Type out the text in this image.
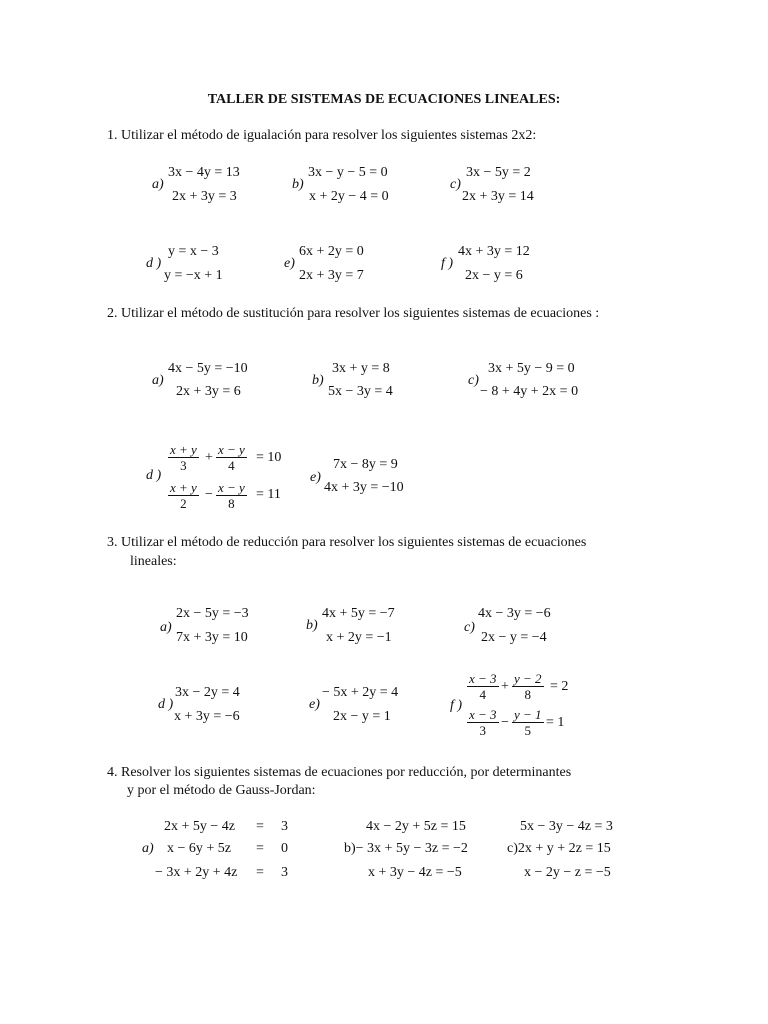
TALLER DE SISTEMAS DE ECUACIONES LINEALES:
1. Utilizar el método de igualación para resolver los siguientes sistemas 2x2:
a)
3x − 4y = 13
2x + 3y = 3
b)
3x − y − 5 = 0
x + 2y − 4 = 0
c)
3x − 5y = 2
2x + 3y = 14
d )
y = x − 3
y = −x + 1
e)
6x + 2y = 0
2x + 3y = 7
f )
4x + 3y = 12
2x − y = 6
2. Utilizar el método de sustitución para resolver los siguientes sistemas de ecuaciones :
a)
4x − 5y = −10
2x + 3y = 6
b)
3x + y = 8
5x − 3y = 4
c)
3x + 5y − 9 = 0
− 8 + 4y + 2x = 0
d )
$\frac{x + y}{3} + \frac{x - y}{4} = 10$
$\frac{x + y}{2} - \frac{x - y}{8} = 11$
e)
7x − 8y = 9
4x + 3y = −10
3. Utilizar el método de reducción para resolver los siguientes sistemas de ecuaciones
lineales:
a)
2x − 5y = −3
7x + 3y = 10
b)
4x + 5y = −7
x + 2y = −1
c)
4x − 3y = −6
2x − y = −4
d )
3x − 2y = 4
x + 3y = −6
e)
− 5x + 2y = 4
2x − y = 1
f )
$\frac{x - 3}{4} + \frac{y - 2}{8} = 2$
$\frac{x - 3}{3} - \frac{y - 1}{5} = 1$
4. Resolver los siguientes sistemas de ecuaciones por reducción, por determinantes
y por el método de Gauss-Jordan:
a)
2x + 5y − 4z
x − 6y + 5z
− 3x + 2y + 4z
=
=
=
3
0
3
4x − 2y + 5z = 15
b)− 3x + 5y − 3z = −2
x + 3y − 4z = −5
5x − 3y − 4z = 3
c)2x + y + 2z = 15
x − 2y − z = −5
